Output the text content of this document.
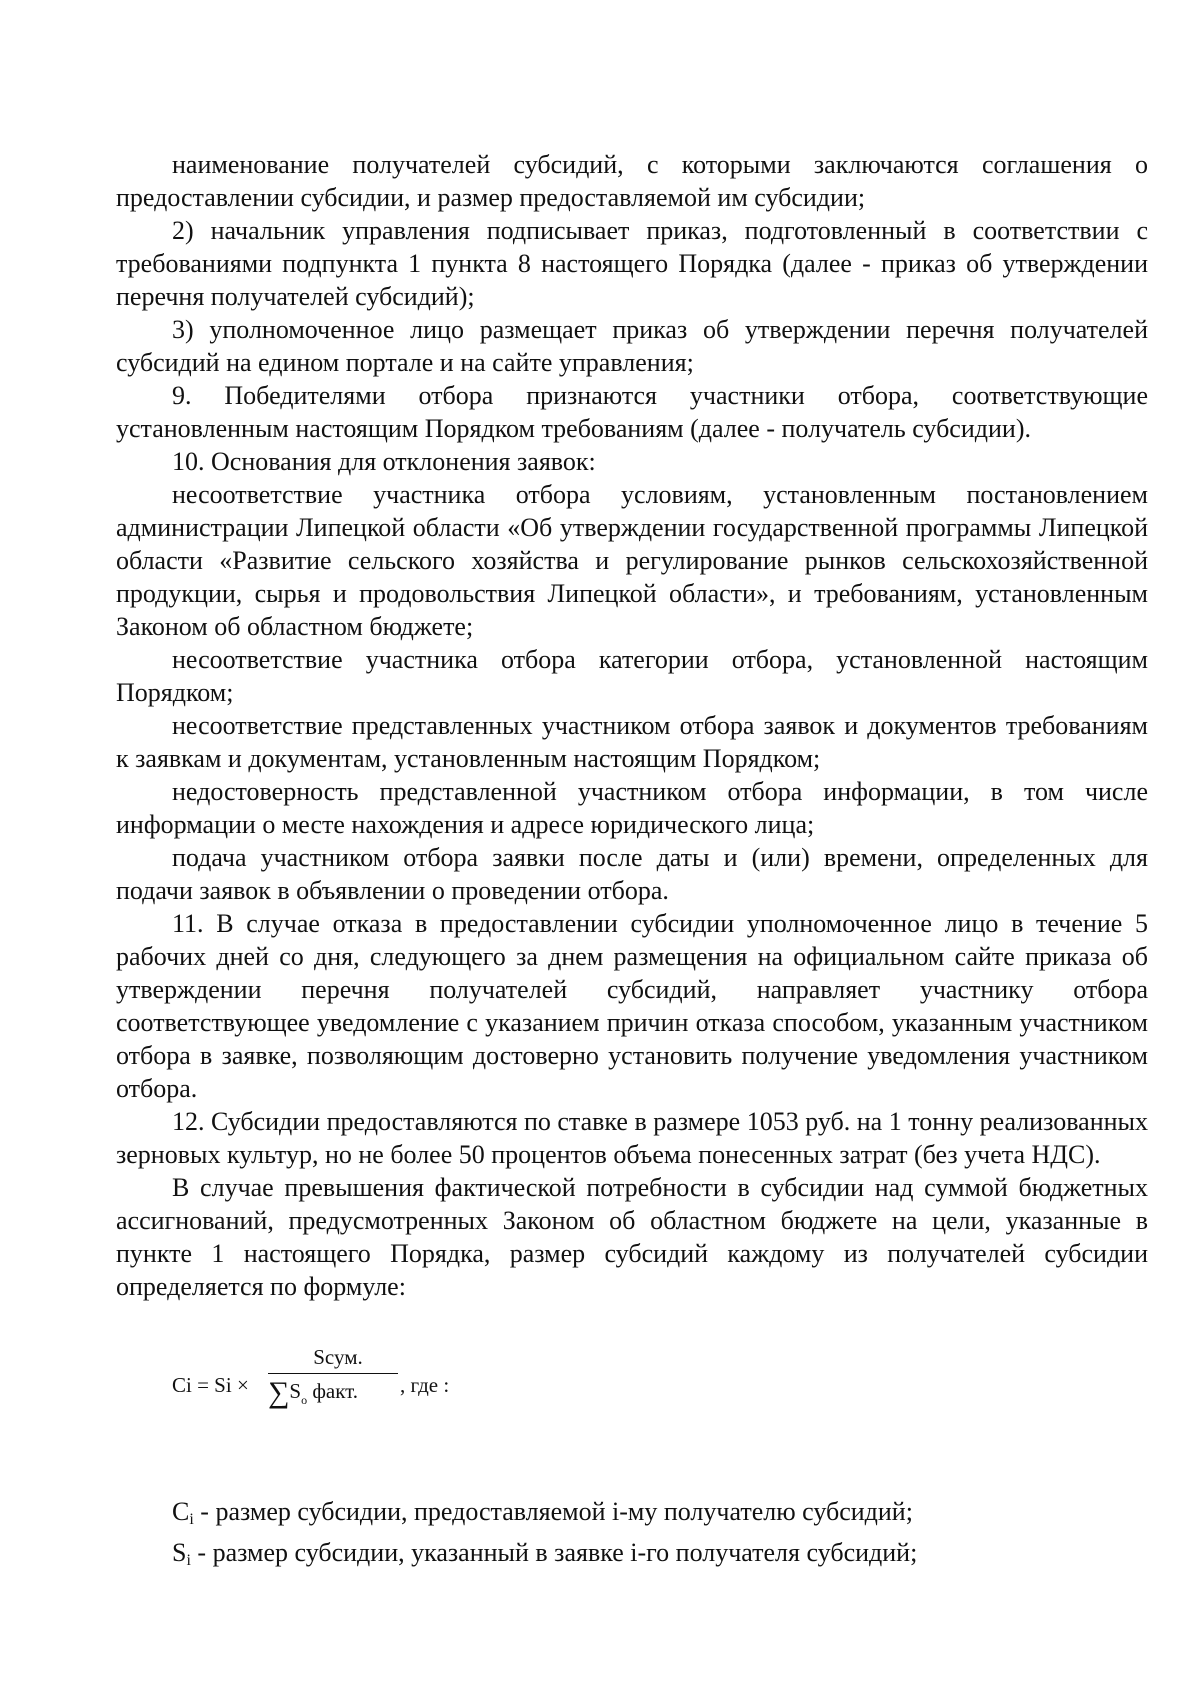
наименование получателей субсидий, с которыми заключаются соглашения о предоставлении субсидии, и размер предоставляемой им субсидии;

2) начальник управления подписывает приказ, подготовленный в соответствии с требованиями подпункта 1 пункта 8 настоящего Порядка (далее - приказ об утверждении перечня получателей субсидий);

3) уполномоченное лицо размещает приказ об утверждении перечня получателей субсидий на едином портале и на сайте управления;

9. Победителями отбора признаются участники отбора, соответствующие установленным настоящим Порядком требованиям (далее - получатель субсидии).

10. Основания для отклонения заявок:

несоответствие участника отбора условиям, установленным постановлением администрации Липецкой области «Об утверждении государственной программы Липецкой области «Развитие сельского хозяйства и регулирование рынков сельскохозяйственной продукции, сырья и продовольствия Липецкой области», и требованиям, установленным Законом об областном бюджете;

несоответствие участника отбора категории отбора, установленной настоящим Порядком;

несоответствие представленных участником отбора заявок и документов требованиям к заявкам и документам, установленным настоящим Порядком;

недостоверность представленной участником отбора информации, в том числе информации о месте нахождения и адресе юридического лица;

подача участником отбора заявки после даты и (или) времени, определенных для подачи заявок в объявлении о проведении отбора.

11. В случае отказа в предоставлении субсидии уполномоченное лицо в течение 5 рабочих дней со дня, следующего за днем размещения на официальном сайте приказа об утверждении перечня получателей субсидий, направляет участнику отбора соответствующее уведомление с указанием причин отказа способом, указанным участником отбора в заявке, позволяющим достоверно установить получение уведомления участником отбора.

12. Субсидии предоставляются по ставке в размере 1053 руб. на 1 тонну реализованных зерновых культур, но не более 50 процентов объема понесенных затрат (без учета НДС).

В случае превышения фактической потребности в субсидии над суммой бюджетных ассигнований, предусмотренных Законом об областном бюджете на цели, указанные в пункте 1 настоящего Порядка, размер субсидий каждому из получателей субсидии определяется по формуле:

Ci = Si ×
Sсум.
$\sum S_o$ факт.	, где :

Ci - размер субсидии, предоставляемой i-му получателю субсидий;

Si - размер субсидии, указанный в заявке i-го получателя субсидий;
